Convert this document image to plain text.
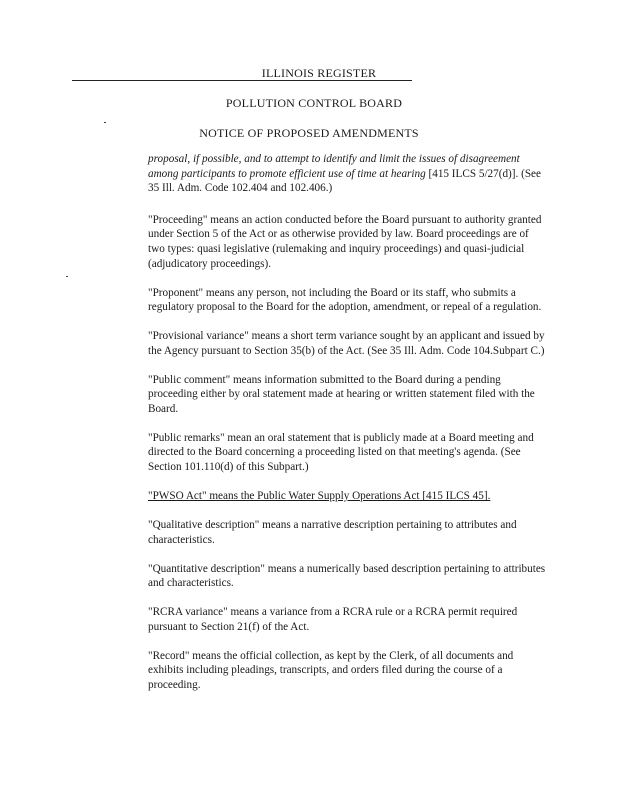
ILLINOIS REGISTER
POLLUTION CONTROL BOARD
NOTICE OF PROPOSED AMENDMENTS

proposal, if possible, and to attempt to identify and limit the issues of disagreement among participants to promote efficient use of time at hearing [415 ILCS 5/27(d)]. (See 35 Ill. Adm. Code 102.404 and 102.406.)

"Proceeding" means an action conducted before the Board pursuant to authority granted under Section 5 of the Act or as otherwise provided by law. Board proceedings are of two types: quasi legislative (rulemaking and inquiry proceedings) and quasi-judicial (adjudicatory proceedings).

"Proponent" means any person, not including the Board or its staff, who submits a regulatory proposal to the Board for the adoption, amendment, or repeal of a regulation.

"Provisional variance" means a short term variance sought by an applicant and issued by the Agency pursuant to Section 35(b) of the Act. (See 35 Ill. Adm. Code 104.Subpart C.)

"Public comment" means information submitted to the Board during a pending proceeding either by oral statement made at hearing or written statement filed with the Board.

"Public remarks" mean an oral statement that is publicly made at a Board meeting and directed to the Board concerning a proceeding listed on that meeting's agenda. (See Section 101.110(d) of this Subpart.)

"PWSO Act" means the Public Water Supply Operations Act [415 ILCS 45].

"Qualitative description" means a narrative description pertaining to attributes and characteristics.

"Quantitative description" means a numerically based description pertaining to attributes and characteristics.

"RCRA variance" means a variance from a RCRA rule or a RCRA permit required pursuant to Section 21(f) of the Act.

"Record" means the official collection, as kept by the Clerk, of all documents and exhibits including pleadings, transcripts, and orders filed during the course of a proceeding.
